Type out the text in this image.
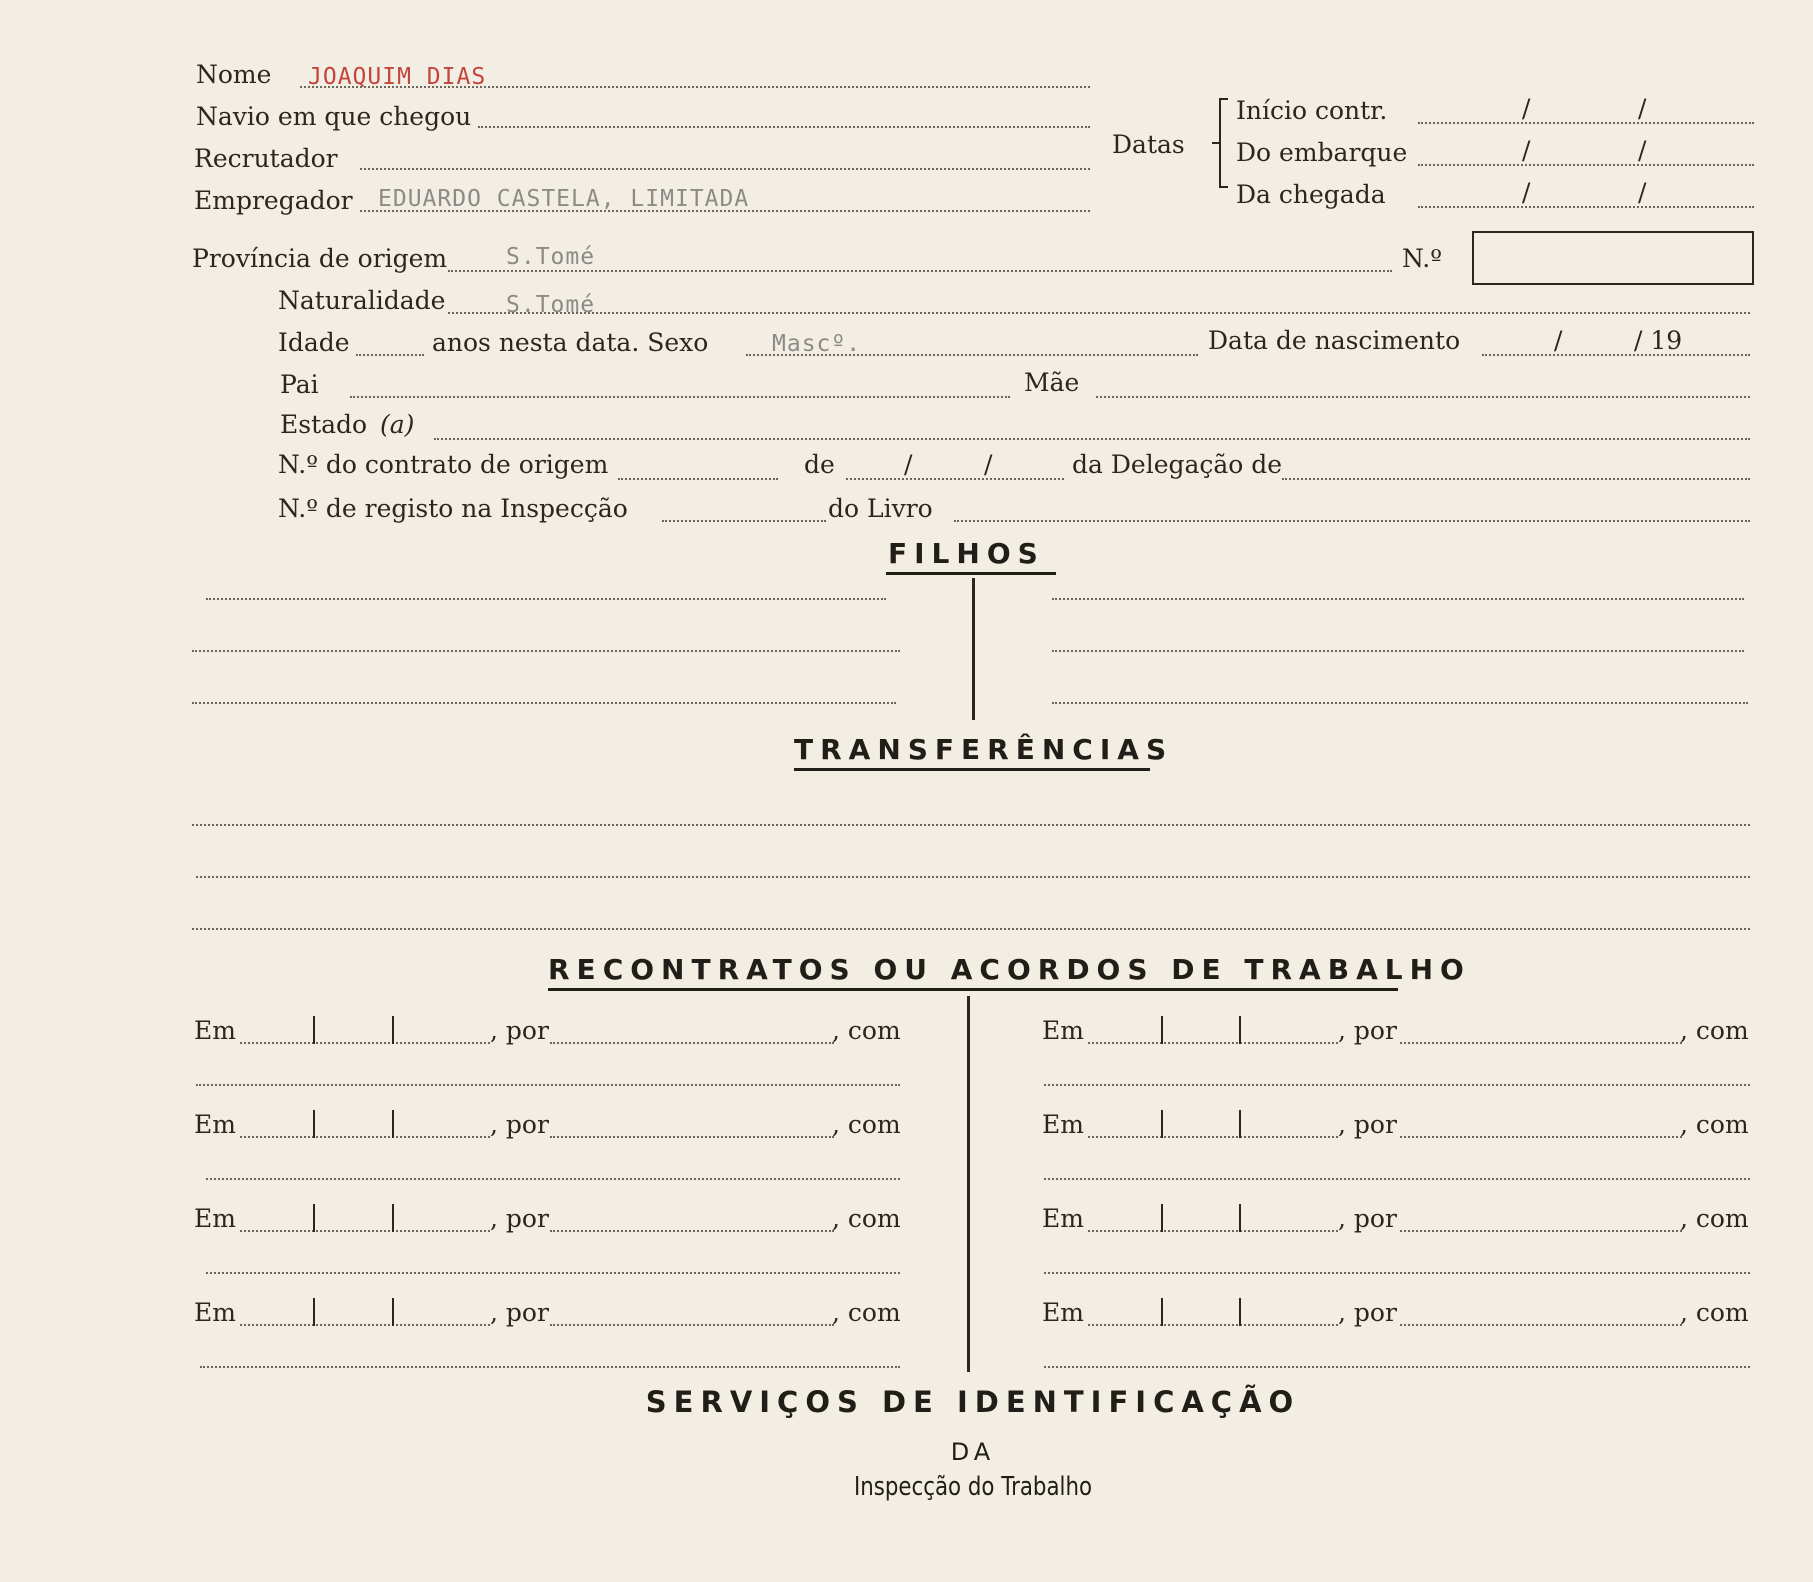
Nome JOAQUIM DIAS
Navio em que chegou
Recrutador
Empregador EDUARDO CASTELA, LIMITADA
Datas
Início contr.	/	/
Do embarque	/	/
Da chegada	/	/
Província de origem	S.Tomé	N.º
Naturalidade	S.Tomé
Idade	anos nesta data. Sexo	Mascº.	Data de nascimento	/	/ 19
Pai	Mãe
Estado (a)
N.º do contrato de origem	de	/	/	da Delegação de
N.º de registo na Inspecção	do Livro
FILHOS
TRANSFERÊNCIAS
RECONTRATOS OU ACORDOS DE TRABALHO
Em	, por	, com
Em	, por	, com
Em	, por	, com
Em	, por	, com
Em	, por	, com
Em	, por	, com
Em	, por	, com
Em	, por	, com
SERVIÇOS DE IDENTIFICAÇÃO
DA
Inspecção do Trabalho
